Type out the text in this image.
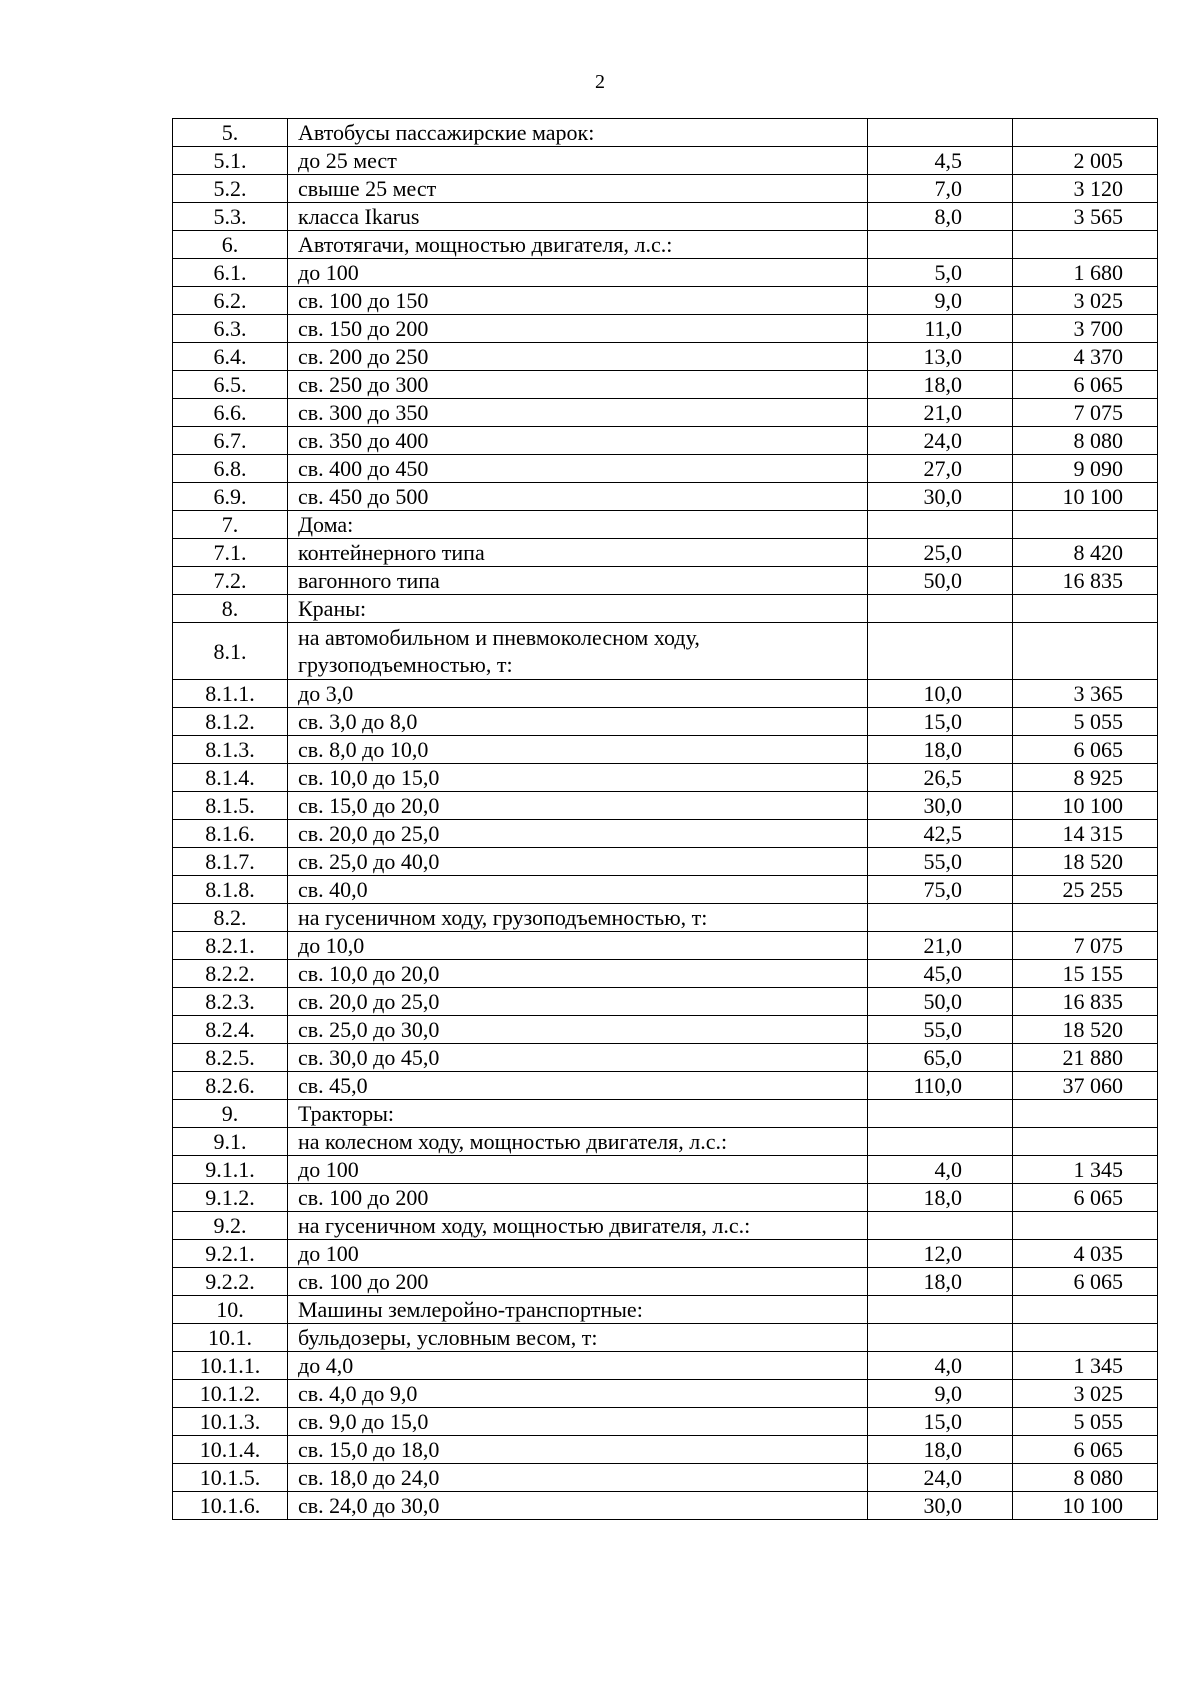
2
5.	Автобусы пассажирские марок:		
5.1.	до 25 мест	4,5	2 005
5.2.	свыше 25 мест	7,0	3 120
5.3.	класса Ikarus	8,0	3 565
6.	Автотягачи, мощностью двигателя, л.с.:		
6.1.	до 100	5,0	1 680
6.2.	св. 100 до 150	9,0	3 025
6.3.	св. 150 до 200	11,0	3 700
6.4.	св. 200 до 250	13,0	4 370
6.5.	св. 250 до 300	18,0	6 065
6.6.	св. 300 до 350	21,0	7 075
6.7.	св. 350 до 400	24,0	8 080
6.8.	св. 400 до 450	27,0	9 090
6.9.	св. 450 до 500	30,0	10 100
7.	Дома:		
7.1.	контейнерного типа	25,0	8 420
7.2.	вагонного типа	50,0	16 835
8.	Краны:		
8.1.	на автомобильном и пневмоколесном ходу, грузоподъемностью, т:		
8.1.1.	до 3,0	10,0	3 365
8.1.2.	св. 3,0 до 8,0	15,0	5 055
8.1.3.	св. 8,0 до 10,0	18,0	6 065
8.1.4.	св. 10,0 до 15,0	26,5	8 925
8.1.5.	св. 15,0 до 20,0	30,0	10 100
8.1.6.	св. 20,0 до 25,0	42,5	14 315
8.1.7.	св. 25,0 до 40,0	55,0	18 520
8.1.8.	св. 40,0	75,0	25 255
8.2.	на гусеничном ходу, грузоподъемностью, т:		
8.2.1.	до 10,0	21,0	7 075
8.2.2.	св. 10,0 до 20,0	45,0	15 155
8.2.3.	св. 20,0 до 25,0	50,0	16 835
8.2.4.	св. 25,0 до 30,0	55,0	18 520
8.2.5.	св. 30,0 до 45,0	65,0	21 880
8.2.6.	св. 45,0	110,0	37 060
9.	Тракторы:		
9.1.	на колесном ходу, мощностью двигателя, л.с.:		
9.1.1.	до 100	4,0	1 345
9.1.2.	св. 100 до 200	18,0	6 065
9.2.	на гусеничном ходу, мощностью двигателя, л.с.:		
9.2.1.	до 100	12,0	4 035
9.2.2.	св. 100 до 200	18,0	6 065
10.	Машины землеройно-транспортные:		
10.1.	бульдозеры, условным весом, т:		
10.1.1.	до 4,0	4,0	1 345
10.1.2.	св. 4,0 до 9,0	9,0	3 025
10.1.3.	св. 9,0 до 15,0	15,0	5 055
10.1.4.	св. 15,0 до 18,0	18,0	6 065
10.1.5.	св. 18,0 до 24,0	24,0	8 080
10.1.6.	св. 24,0 до 30,0	30,0	10 100
